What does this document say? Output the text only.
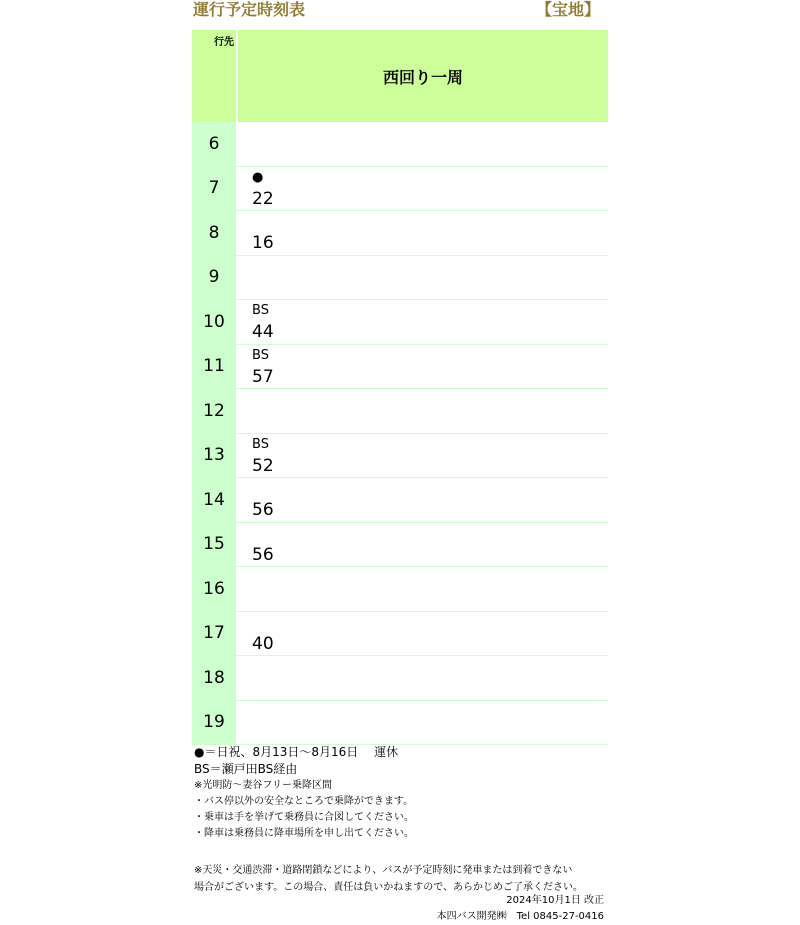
運行予定時刻表	【宝地】
行先
西回り一周
6
7
●
22
8
16
9
10
BS
44
11
BS
57
12
13
BS
52
14
56
15
56
16
17
40
18
19
●＝日祝、8月13日～8月16日　 運休
BS＝瀬戸田BS経由
※光明防～妻谷フリー乗降区間
・バス停以外の安全なところで乗降ができます。
・乗車は手を挙げて乗務員に合図してください。
・降車は乗務員に降車場所を申し出てください。
※天災・交通渋滞・道路閉鎖などにより、バスが予定時刻に発車または到着できない
場合がございます。この場合、責任は負いかねますので、あらかじめご了承ください。
2024年10月1日 改正
本四バス開発㈱　Tel 0845-27-0416
